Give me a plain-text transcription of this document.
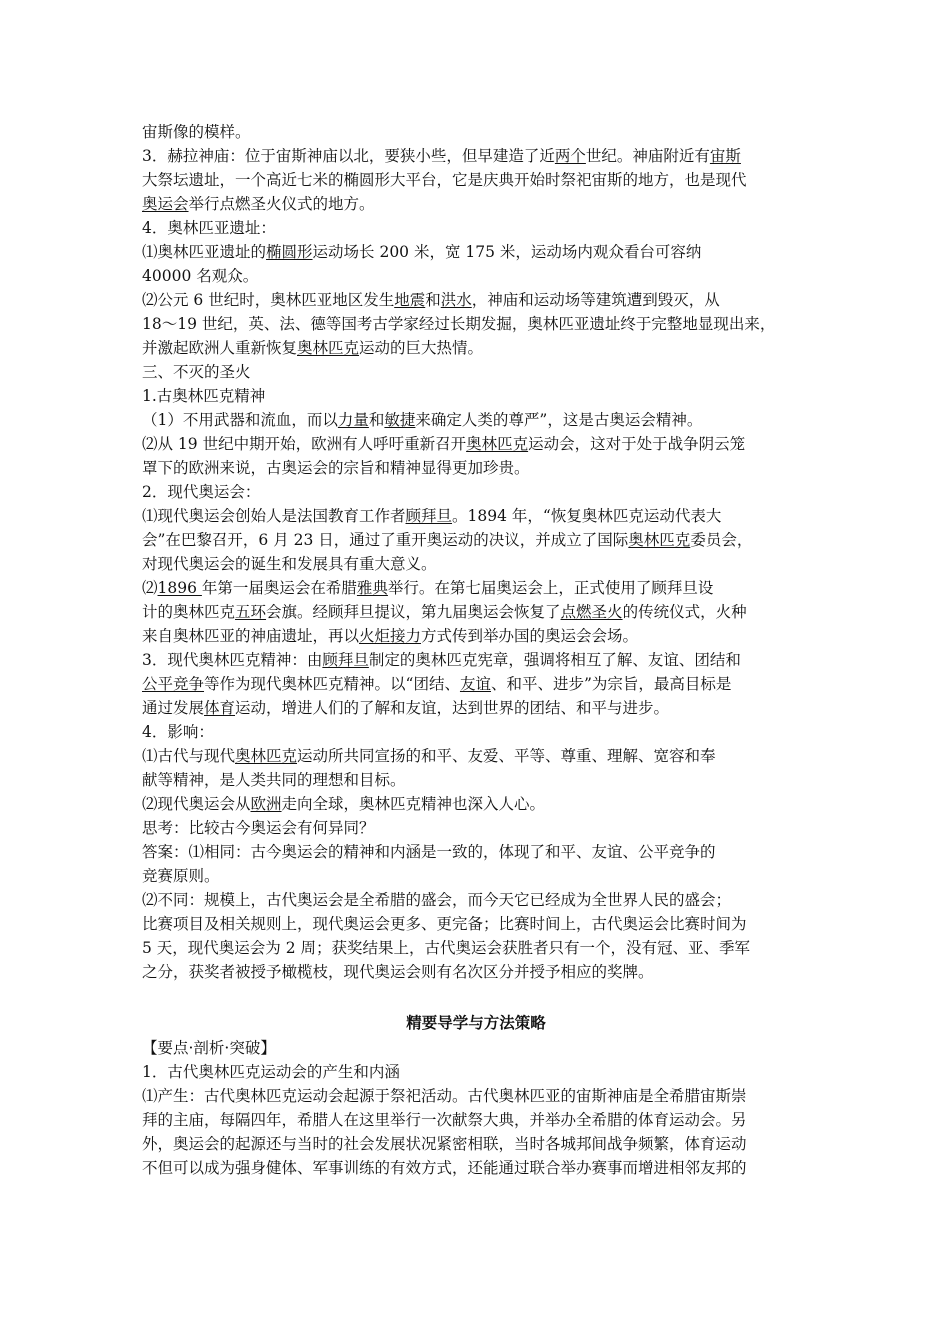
宙斯像的模样。
3．赫拉神庙：位于宙斯神庙以北，要狭小些，但早建造了近两个世纪。神庙附近有宙斯
大祭坛遗址，一个高近七米的椭圆形大平台，它是庆典开始时祭祀宙斯的地方，也是现代
奥运会举行点燃圣火仪式的地方。
4．奥林匹亚遗址：
⑴奥林匹亚遗址的椭圆形运动场长 200 米，宽 175 米，运动场内观众看台可容纳
40000 名观众。
⑵公元 6 世纪时，奥林匹亚地区发生地震和洪水，神庙和运动场等建筑遭到毁灭，从
18～19 世纪，英、法、德等国考古学家经过长期发掘，奥林匹亚遗址终于完整地显现出来，
并激起欧洲人重新恢复奥林匹克运动的巨大热情。
三、不灭的圣火
1.古奥林匹克精神
（1）不用武器和流血，而以力量和敏捷来确定人类的尊严”，这是古奥运会精神。
⑵从 19 世纪中期开始，欧洲有人呼吁重新召开奥林匹克运动会，这对于处于战争阴云笼
罩下的欧洲来说，古奥运会的宗旨和精神显得更加珍贵。
2．现代奥运会：
⑴现代奥运会创始人是法国教育工作者顾拜旦。1894 年，“恢复奥林匹克运动代表大
会”在巴黎召开，6 月 23 日，通过了重开奥运动的决议，并成立了国际奥林匹克委员会，
对现代奥运会的诞生和发展具有重大意义。
⑵1896 年第一届奥运会在希腊雅典举行。在第七届奥运会上，正式使用了顾拜旦设
计的奥林匹克五环会旗。经顾拜旦提议，第九届奥运会恢复了点燃圣火的传统仪式，火种
来自奥林匹亚的神庙遗址，再以火炬接力方式传到举办国的奥运会会场。
3．现代奥林匹克精神：由顾拜旦制定的奥林匹克宪章，强调将相互了解、友谊、团结和
公平竞争等作为现代奥林匹克精神。以“团结、友谊、和平、进步”为宗旨，最高目标是
通过发展体育运动，增进人们的了解和友谊，达到世界的团结、和平与进步。
4．影响：
⑴古代与现代奥林匹克运动所共同宣扬的和平、友爱、平等、尊重、理解、宽容和奉
献等精神，是人类共同的理想和目标。
⑵现代奥运会从欧洲走向全球，奥林匹克精神也深入人心。
思考：比较古今奥运会有何异同？
答案：⑴相同：古今奥运会的精神和内涵是一致的，体现了和平、友谊、公平竞争的
竞赛原则。
⑵不同：规模上，古代奥运会是全希腊的盛会，而今天它已经成为全世界人民的盛会；
比赛项目及相关规则上，现代奥运会更多、更完备；比赛时间上，古代奥运会比赛时间为
5 天，现代奥运会为 2 周；获奖结果上，古代奥运会获胜者只有一个，没有冠、亚、季军
之分，获奖者被授予橄榄枝，现代奥运会则有名次区分并授予相应的奖牌。
精要导学与方法策略
【要点·剖析·突破】
1．古代奥林匹克运动会的产生和内涵
⑴产生：古代奥林匹克运动会起源于祭祀活动。古代奥林匹亚的宙斯神庙是全希腊宙斯崇
拜的主庙，每隔四年，希腊人在这里举行一次献祭大典，并举办全希腊的体育运动会。另
外，奥运会的起源还与当时的社会发展状况紧密相联，当时各城邦间战争频繁，体育运动
不但可以成为强身健体、军事训练的有效方式，还能通过联合举办赛事而增进相邻友邦的
